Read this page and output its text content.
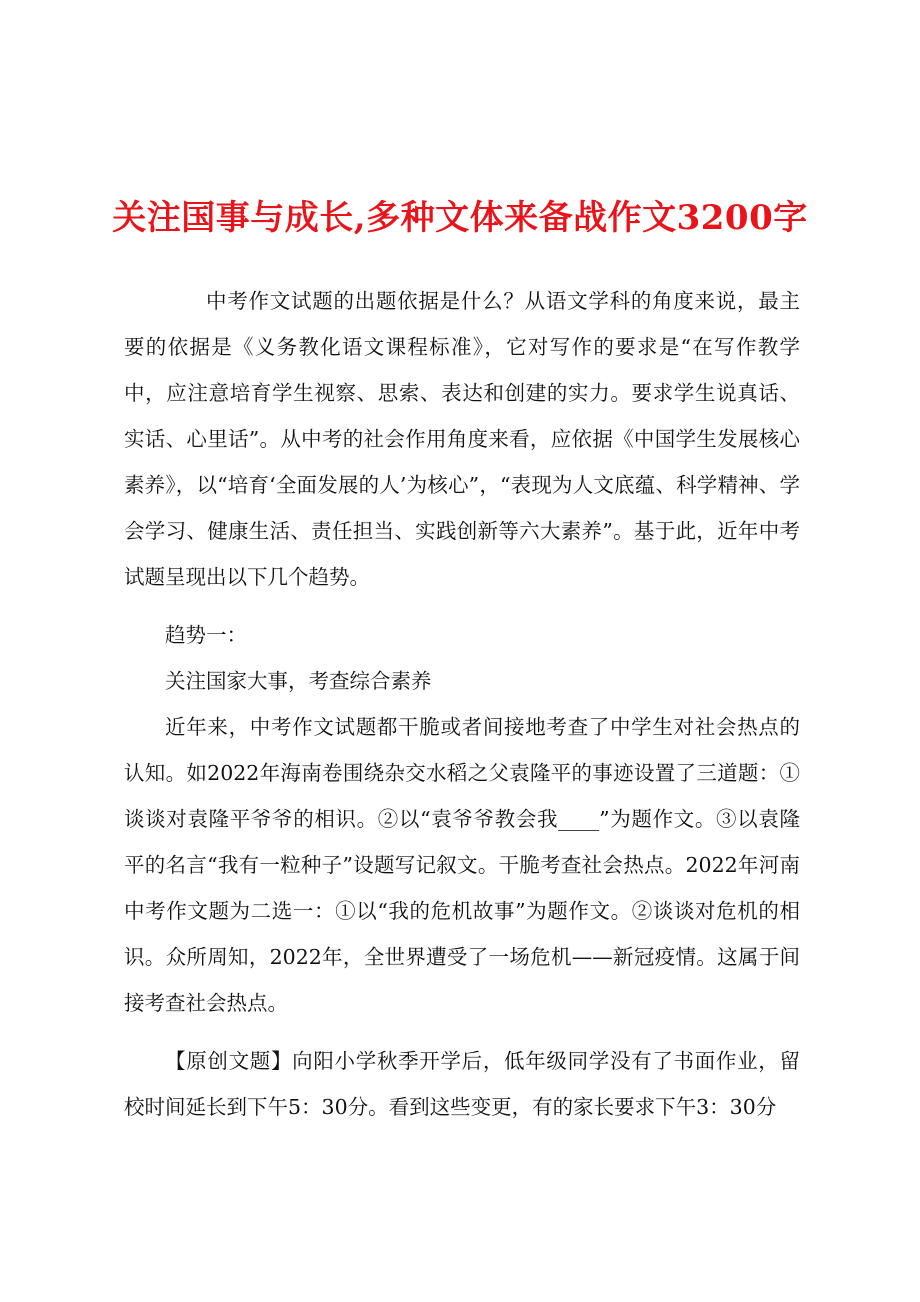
关注国事与成长,多种文体来备战作文3200字

中考作文试题的出题依据是什么？从语文学科的角度来说，最主要的依据是《义务教化语文课程标准》，它对写作的要求是“在写作教学中，应注意培育学生视察、思索、表达和创建的实力。要求学生说真话、实话、心里话”。从中考的社会作用角度来看，应依据《中国学生发展核心素养》，以“培育‘全面发展的人’为核心”，“表现为人文底蕴、科学精神、学会学习、健康生活、责任担当、实践创新等六大素养”。基于此，近年中考试题呈现出以下几个趋势。

趋势一：

关注国家大事，考查综合素养

近年来，中考作文试题都干脆或者间接地考查了中学生对社会热点的认知。如2022年海南卷围绕杂交水稻之父袁隆平的事迹设置了三道题：①谈谈对袁隆平爷爷的相识。②以“袁爷爷教会我____”为题作文。③以袁隆平的名言“我有一粒种子”设题写记叙文。干脆考查社会热点。2022年河南中考作文题为二选一：①以“我的危机故事”为题作文。②谈谈对危机的相识。众所周知，2022年，全世界遭受了一场危机——新冠疫情。这属于间接考查社会热点。

【原创文题】向阳小学秋季开学后，低年级同学没有了书面作业，留校时间延长到下午5：30分。看到这些变更，有的家长要求下午3：30分
